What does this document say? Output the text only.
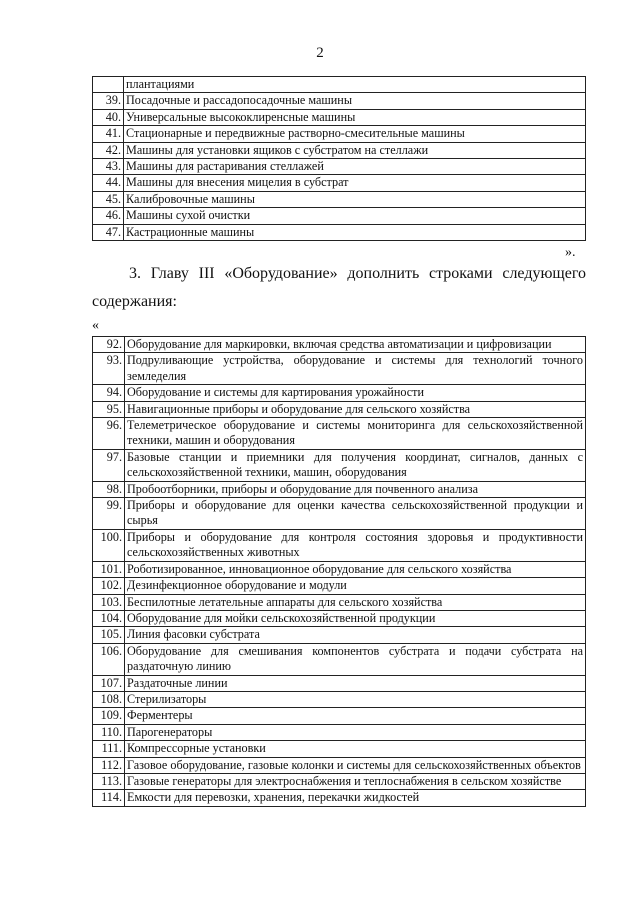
2
	плантациями
39.	Посадочные и рассадопосадочные машины
40.	Универсальные высококлиренсные машины
41.	Стационарные и передвижные растворно-смесительные машины
42.	Машины для установки ящиков с субстратом на стеллажи
43.	Машины для растаривания стеллажей
44.	Машины для внесения мицелия в субстрат
45.	Калибровочные машины
46.	Машины сухой очистки
47.	Кастрационные машины
».
3. Главу III «Оборудование» дополнить строками следующего
содержания:
«
92.	Оборудование для маркировки, включая средства автоматизации и цифровизации
93.	Подруливающие устройства, оборудование и системы для технологий точного земледелия
94.	Оборудование и системы для картирования урожайности
95.	Навигационные приборы и оборудование для сельского хозяйства
96.	Телеметрическое оборудование и системы мониторинга для сельскохозяйственной техники, машин и оборудования
97.	Базовые станции и приемники для получения координат, сигналов, данных с сельскохозяйственной техники, машин, оборудования
98.	Пробоотборники, приборы и оборудование для почвенного анализа
99.	Приборы и оборудование для оценки качества сельскохозяйственной продукции и сырья
100.	Приборы и оборудование для контроля состояния здоровья и продуктивности сельскохозяйственных животных
101.	Роботизированное, инновационное оборудование для сельского хозяйства
102.	Дезинфекционное оборудование и модули
103.	Беспилотные летательные аппараты для сельского хозяйства
104.	Оборудование для мойки сельскохозяйственной продукции
105.	Линия фасовки субстрата
106.	Оборудование для смешивания компонентов субстрата и подачи субстрата на раздаточную линию
107.	Раздаточные линии
108.	Стерилизаторы
109.	Ферментеры
110.	Парогенераторы
111.	Компрессорные установки
112.	Газовое оборудование, газовые колонки и системы для сельскохозяйственных объектов
113.	Газовые генераторы для электроснабжения и теплоснабжения в сельском хозяйстве
114.	Емкости для перевозки, хранения, перекачки жидкостей
